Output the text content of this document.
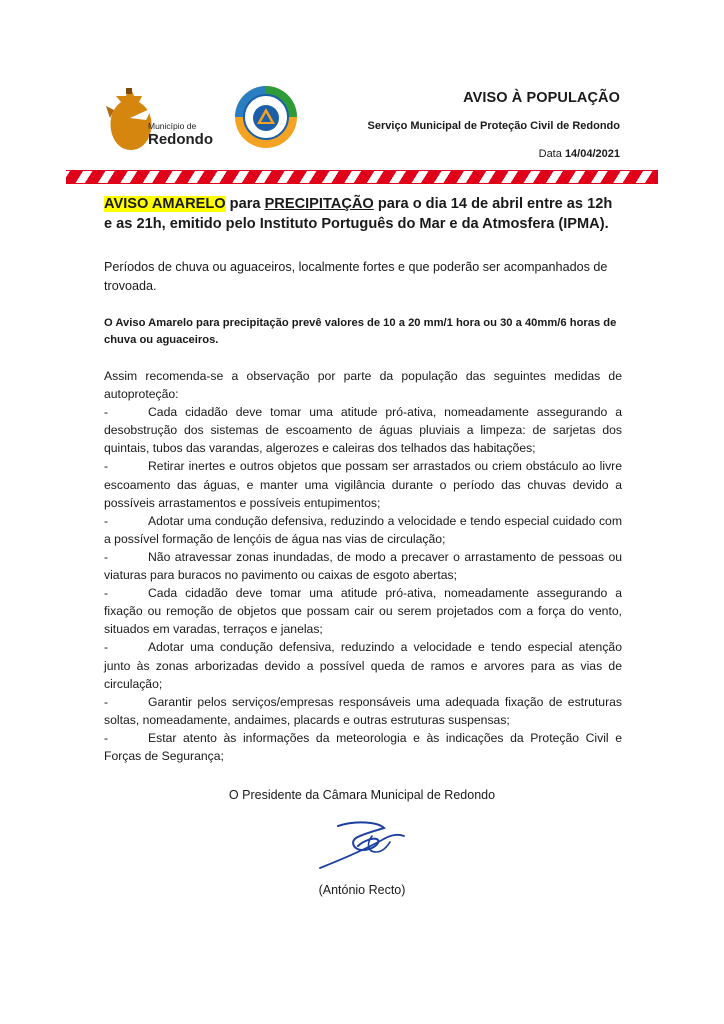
Município de
Redondo
AVISO À POPULAÇÃO
Serviço Municipal de Proteção Civil de Redondo
Data 14/04/2021
AVISO AMARELO para PRECIPITAÇÃO para o dia 14 de abril entre as 12h e as 21h, emitido pelo Instituto Português do Mar e da Atmosfera (IPMA).
Períodos de chuva ou aguaceiros, localmente fortes e que poderão ser acompanhados de trovoada.
O Aviso Amarelo para precipitação prevê valores de 10 a 20 mm/1 hora ou 30 a 40mm/6 horas de chuva ou aguaceiros.
Assim recomenda-se a observação por parte da população das seguintes medidas de autoproteção:
-	Cada cidadão deve tomar uma atitude pró-ativa, nomeadamente assegurando a desobstrução dos sistemas de escoamento de águas pluviais a limpeza: de sarjetas dos quintais, tubos das varandas, algerozes e caleiras dos telhados das habitações;
-	Retirar inertes e outros objetos que possam ser arrastados ou criem obstáculo ao livre escoamento das águas, e manter uma vigilância durante o período das chuvas devido a possíveis arrastamentos e possíveis entupimentos;
-	Adotar uma condução defensiva, reduzindo a velocidade e tendo especial cuidado com a possível formação de lençóis de água nas vias de circulação;
-	Não atravessar zonas inundadas, de modo a precaver o arrastamento de pessoas ou viaturas para buracos no pavimento ou caixas de esgoto abertas;
-	Cada cidadão deve tomar uma atitude pró-ativa, nomeadamente assegurando a fixação ou remoção de objetos que possam cair ou serem projetados com a força do vento, situados em varadas, terraços e janelas;
-	Adotar uma condução defensiva, reduzindo a velocidade e tendo especial atenção junto às zonas arborizadas devido a possível queda de ramos e arvores para as vias de circulação;
-	Garantir pelos serviços/empresas responsáveis uma adequada fixação de estruturas soltas, nomeadamente, andaimes, placards e outras estruturas suspensas;
-	Estar atento às informações da meteorologia e às indicações da Proteção Civil e Forças de Segurança;
O Presidente da Câmara Municipal de Redondo
(António Recto)
